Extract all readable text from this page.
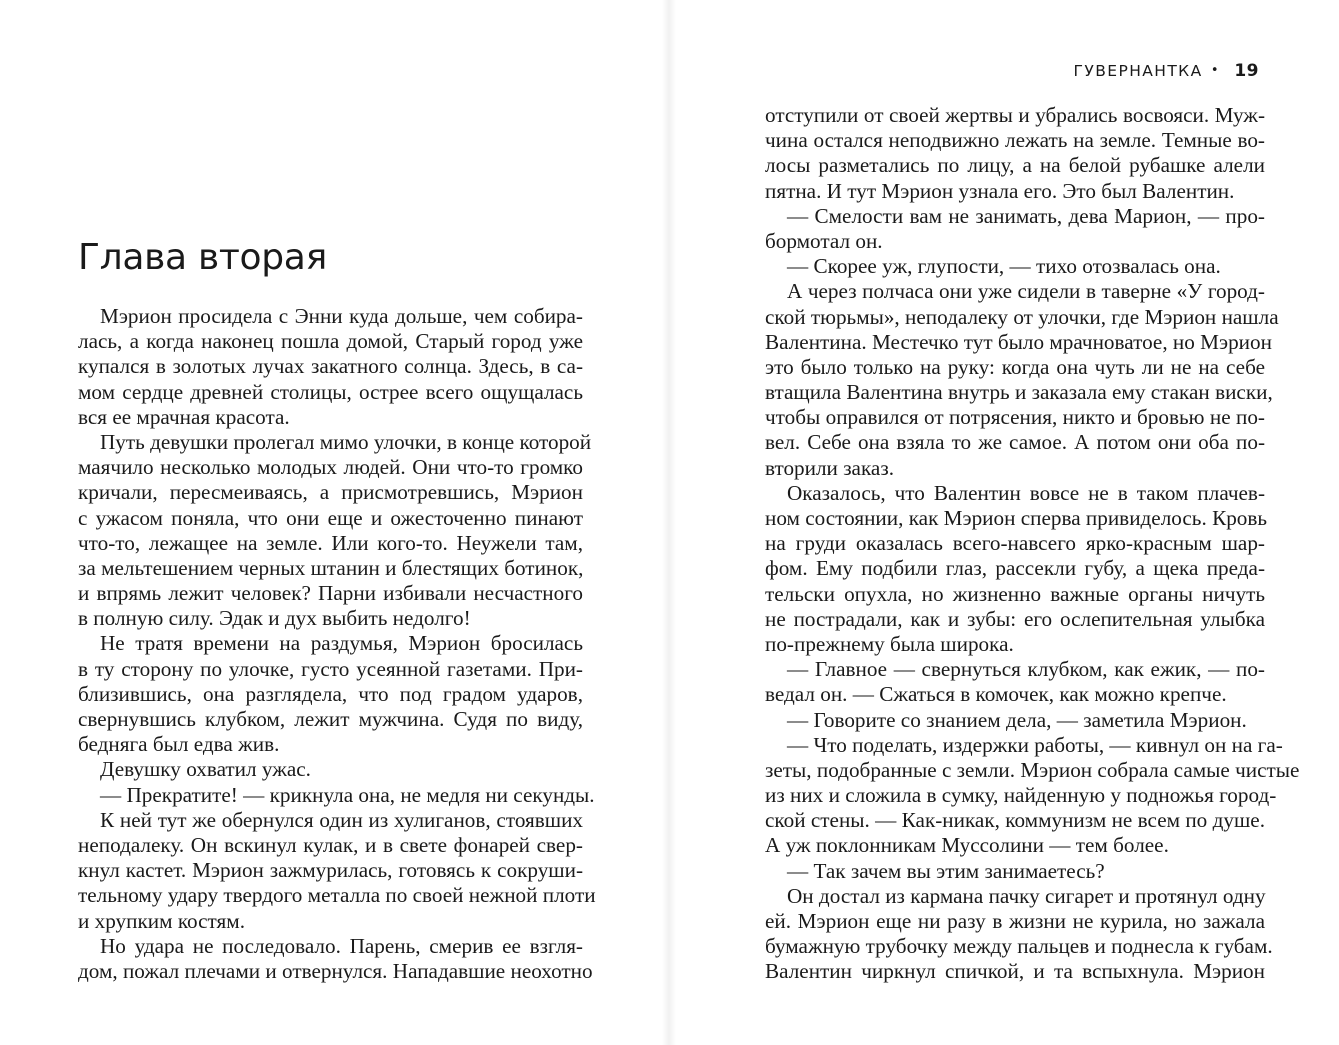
Глава вторая
Мэрион просидела с Энни куда дольше, чем собира-
лась, а когда наконец пошла домой, Старый город уже
купался в золотых лучах закатного солнца. Здесь, в са-
мом сердце древней столицы, острее всего ощущалась
вся ее мрачная красота.
Путь девушки пролегал мимо улочки, в конце которой
маячило несколько молодых людей. Они что-то громко
кричали, пересмеиваясь, а присмотревшись, Мэрион
с ужасом поняла, что они еще и ожесточенно пинают
что-то, лежащее на земле. Или кого-то. Неужели там,
за мельтешением черных штанин и блестящих ботинок,
и впрямь лежит человек? Парни избивали несчастного
в полную силу. Эдак и дух выбить недолго!
Не тратя времени на раздумья, Мэрион бросилась
в ту сторону по улочке, густо усеянной газетами. При-
близившись, она разглядела, что под градом ударов,
свернувшись клубком, лежит мужчина. Судя по виду,
бедняга был едва жив.
Девушку охватил ужас.
— Прекратите! — крикнула она, не медля ни секунды.
К ней тут же обернулся один из хулиганов, стоявших
неподалеку. Он вскинул кулак, и в свете фонарей свер-
кнул кастет. Мэрион зажмурилась, готовясь к сокруши-
тельному удару твердого металла по своей нежной плоти
и хрупким костям.
Но удара не последовало. Парень, смерив ее взгля-
дом, пожал плечами и отвернулся. Нападавшие неохотно
ГУВЕРНАНТКА • 19
отступили от своей жертвы и убрались восвояси. Муж-
чина остался неподвижно лежать на земле. Темные во-
лосы разметались по лицу, а на белой рубашке алели
пятна. И тут Мэрион узнала его. Это был Валентин.
— Смелости вам не занимать, дева Марион, — про-
бормотал он.
— Скорее уж, глупости, — тихо отозвалась она.
А через полчаса они уже сидели в таверне «У город-
ской тюрьмы», неподалеку от улочки, где Мэрион нашла
Валентина. Местечко тут было мрачноватое, но Мэрион
это было только на руку: когда она чуть ли не на себе
втащила Валентина внутрь и заказала ему стакан виски,
чтобы оправился от потрясения, никто и бровью не по-
вел. Себе она взяла то же самое. А потом они оба по-
вторили заказ.
Оказалось, что Валентин вовсе не в таком плачев-
ном состоянии, как Мэрион сперва привиделось. Кровь
на груди оказалась всего-навсего ярко-красным шар-
фом. Ему подбили глаз, рассекли губу, а щека преда-
тельски опухла, но жизненно важные органы ничуть
не пострадали, как и зубы: его ослепительная улыбка
по-прежнему была широка.
— Главное — свернуться клубком, как ежик, — по-
ведал он. — Сжаться в комочек, как можно крепче.
— Говорите со знанием дела, — заметила Мэрион.
— Что поделать, издержки работы, — кивнул он на га-
зеты, подобранные с земли. Мэрион собрала самые чистые
из них и сложила в сумку, найденную у подножья город-
ской стены. — Как-никак, коммунизм не всем по душе.
А уж поклонникам Муссолини — тем более.
— Так зачем вы этим занимаетесь?
Он достал из кармана пачку сигарет и протянул одну
ей. Мэрион еще ни разу в жизни не курила, но зажала
бумажную трубочку между пальцев и поднесла к губам.
Валентин чиркнул спичкой, и та вспыхнула. Мэрион
